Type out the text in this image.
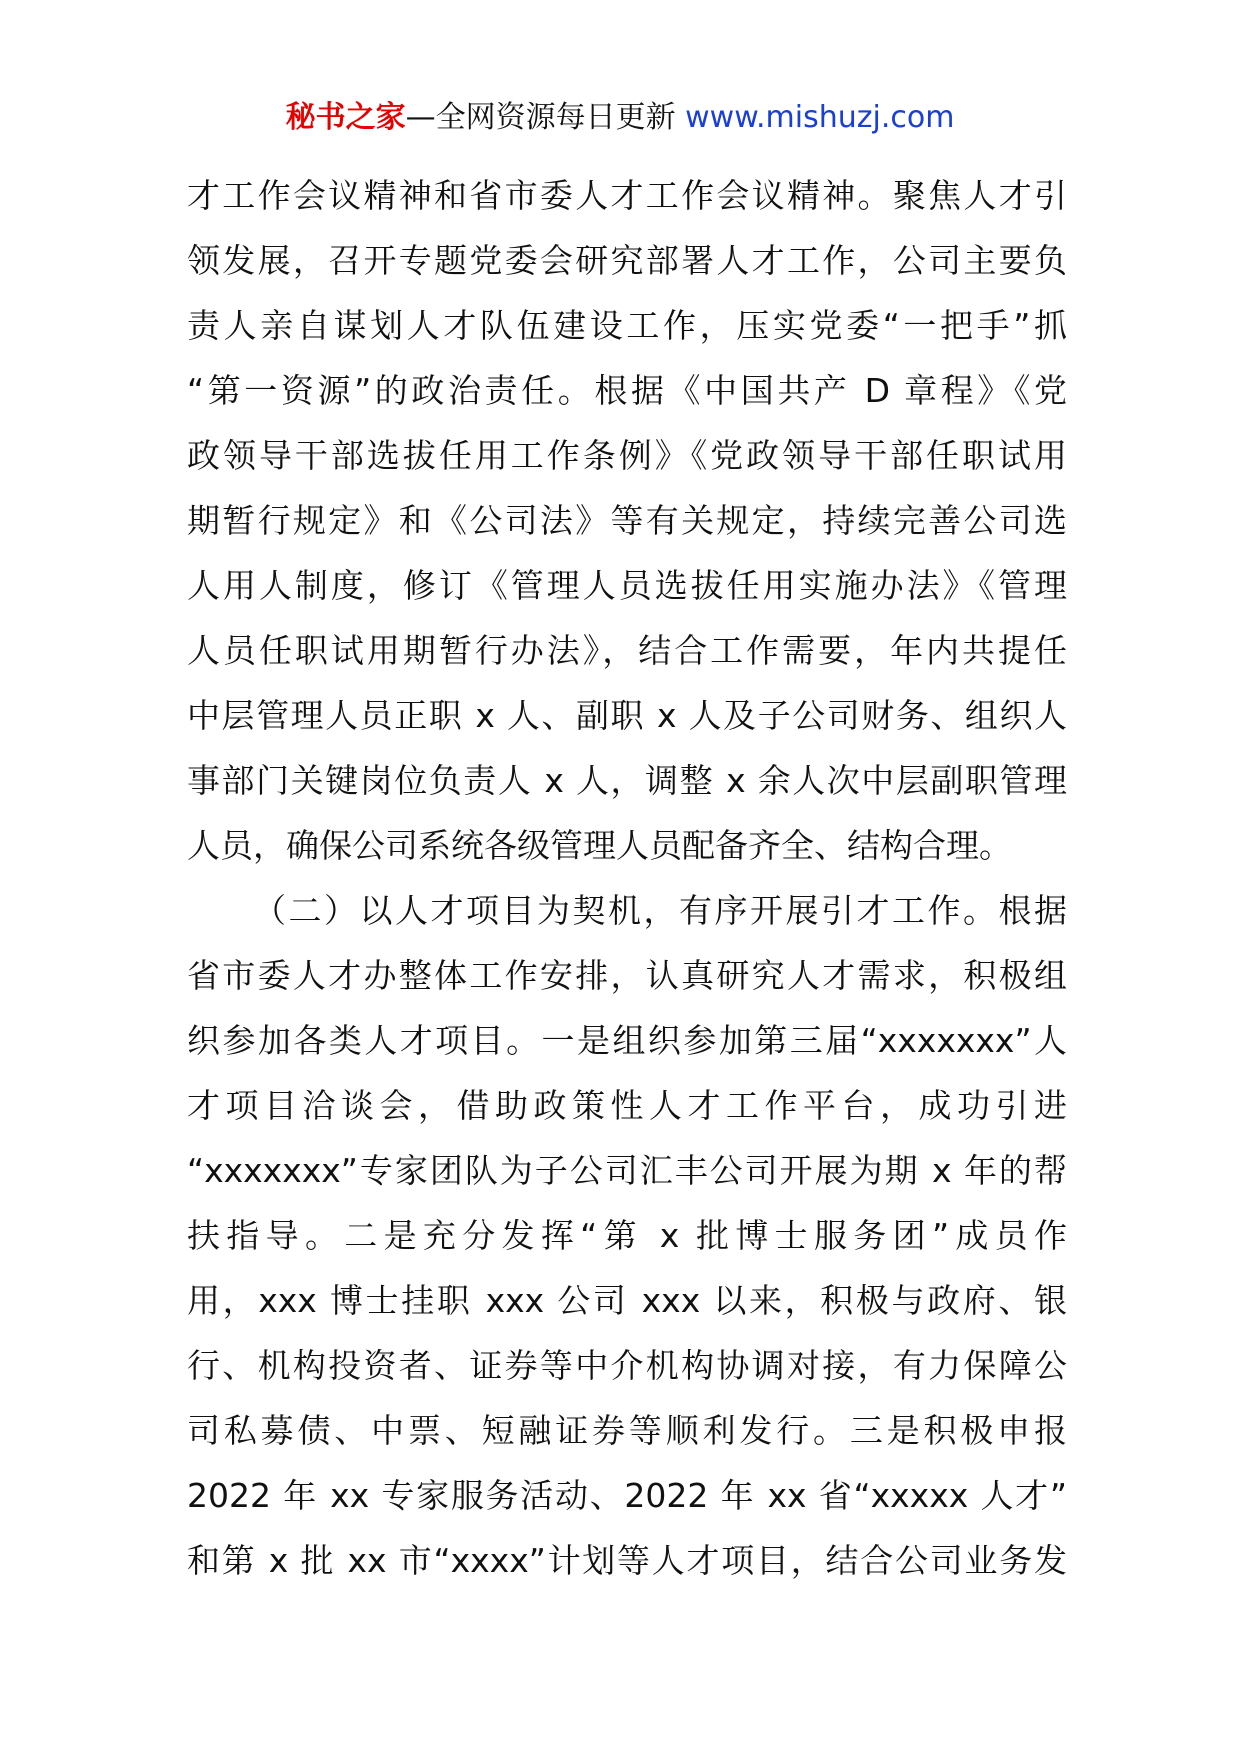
秘书之家—全网资源每日更新 www.mishuzj.com
才工作会议精神和省市委人才工作会议精神。聚焦人才引
领发展，召开专题党委会研究部署人才工作，公司主要负
责人亲自谋划人才队伍建设工作，压实党委“一把手”抓
“第一资源”的政治责任。根据《中国共产 D 章程》《党
政领导干部选拔任用工作条例》《党政领导干部任职试用
期暂行规定》和《公司法》等有关规定，持续完善公司选
人用人制度，修订《管理人员选拔任用实施办法》《管理
人员任职试用期暂行办法》，结合工作需要，年内共提任
中层管理人员正职 x 人、副职 x 人及子公司财务、组织人
事部门关键岗位负责人 x 人，调整 x 余人次中层副职管理
人员，确保公司系统各级管理人员配备齐全、结构合理。
（二）以人才项目为契机，有序开展引才工作。根据
省市委人才办整体工作安排，认真研究人才需求，积极组
织参加各类人才项目。一是组织参加第三届“xxxxxxx”人
才项目洽谈会，借助政策性人才工作平台，成功引进
“xxxxxxx”专家团队为子公司汇丰公司开展为期 x 年的帮
扶指导。二是充分发挥“第 x 批博士服务团”成员作
用，xxx 博士挂职 xxx 公司 xxx 以来，积极与政府、银
行、机构投资者、证券等中介机构协调对接，有力保障公
司私募债、中票、短融证券等顺利发行。三是积极申报
2022 年 xx 专家服务活动、2022 年 xx 省“xxxxx 人才”
和第 x 批 xx 市“xxxx”计划等人才项目，结合公司业务发
